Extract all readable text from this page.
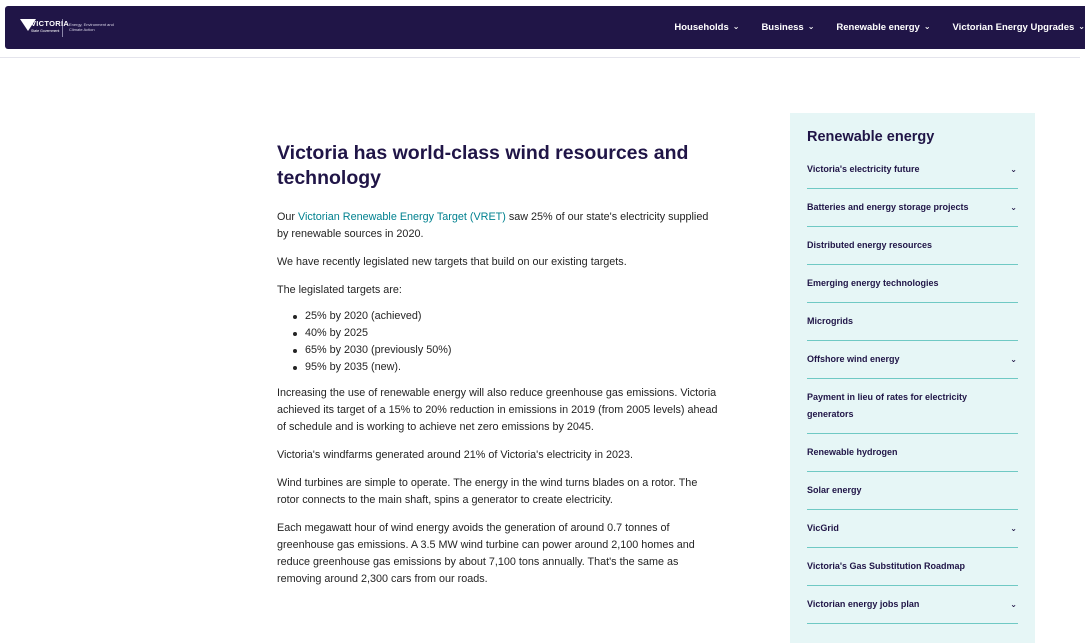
VICTORIA
State Government
Energy, Environment and Climate Action	Households ⌄ Business ⌄ Renewable energy ⌄ Victorian Energy Upgrades ⌄
Victoria has world-class wind resources and technology

Our Victorian Renewable Energy Target (VRET) saw 25% of our state's electricity supplied by renewable sources in 2020.

We have recently legislated new targets that build on our existing targets.

The legislated targets are:

25% by 2020 (achieved)
40% by 2025
65% by 2030 (previously 50%)
95% by 2035 (new).

Increasing the use of renewable energy will also reduce greenhouse gas emissions. Victoria achieved its target of a 15% to 20% reduction in emissions in 2019 (from 2005 levels) ahead of schedule and is working to achieve net zero emissions by 2045.

Victoria's windfarms generated around 21% of Victoria's electricity in 2023.

Wind turbines are simple to operate. The energy in the wind turns blades on a rotor. The rotor connects to the main shaft, spins a generator to create electricity.

Each megawatt hour of wind energy avoids the generation of around 0.7 tonnes of greenhouse gas emissions. A 3.5 MW wind turbine can power around 2,100 homes and reduce greenhouse gas emissions by about 7,100 tons annually. That's the same as removing around 2,300 cars from our roads.

Renewable energy
Victoria's electricity future	⌄
Batteries and energy storage projects	⌄
Distributed energy resources
Emerging energy technologies
Microgrids
Offshore wind energy	⌄
Payment in lieu of rates for electricity generators
Renewable hydrogen
Solar energy
VicGrid	⌄
Victoria's Gas Substitution Roadmap
Victorian energy jobs plan	⌄
